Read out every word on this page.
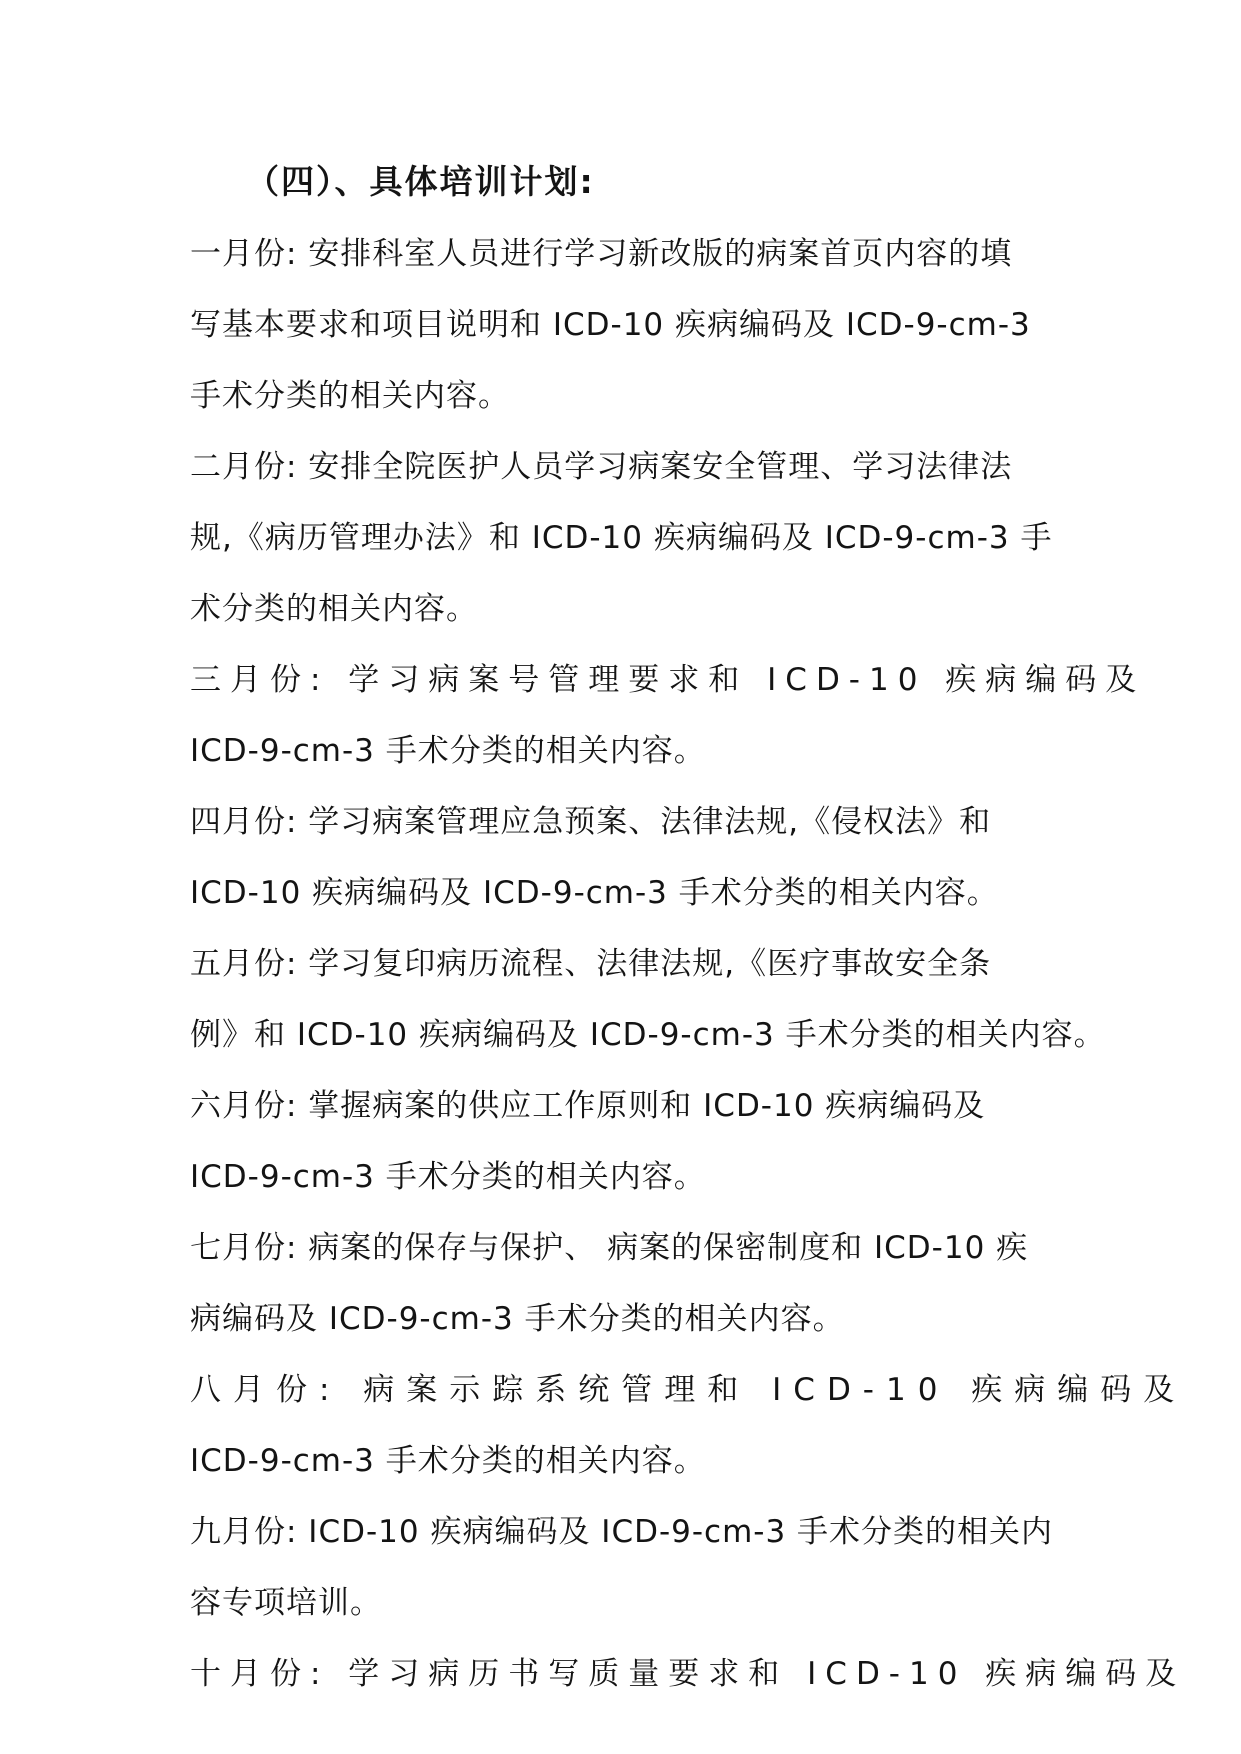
（四）、具体培训计划:
一月份: 安排科室人员进行学习新改版的病案首页内容的填
写基本要求和项目说明和 ICD-10 疾病编码及 ICD-9-cm-3
手术分类的相关内容。
二月份: 安排全院医护人员学习病案安全管理、学习法律法
规,《病历管理办法》和 ICD-10 疾病编码及 ICD-9-cm-3 手
术分类的相关内容。
三月份: 学习病案号管理要求和 ICD-10 疾病编码及
ICD-9-cm-3 手术分类的相关内容。
四月份: 学习病案管理应急预案、法律法规,《侵权法》和
ICD-10 疾病编码及 ICD-9-cm-3 手术分类的相关内容。
五月份: 学习复印病历流程、法律法规,《医疗事故安全条
例》和 ICD-10 疾病编码及 ICD-9-cm-3 手术分类的相关内容。
六月份: 掌握病案的供应工作原则和 ICD-10 疾病编码及
ICD-9-cm-3 手术分类的相关内容。
七月份: 病案的保存与保护、 病案的保密制度和 ICD-10 疾
病编码及 ICD-9-cm-3 手术分类的相关内容。
八月份: 病案示踪系统管理和 ICD-10 疾病编码及
ICD-9-cm-3 手术分类的相关内容。
九月份: ICD-10 疾病编码及 ICD-9-cm-3 手术分类的相关内
容专项培训。
十月份: 学习病历书写质量要求和 ICD-10 疾病编码及
